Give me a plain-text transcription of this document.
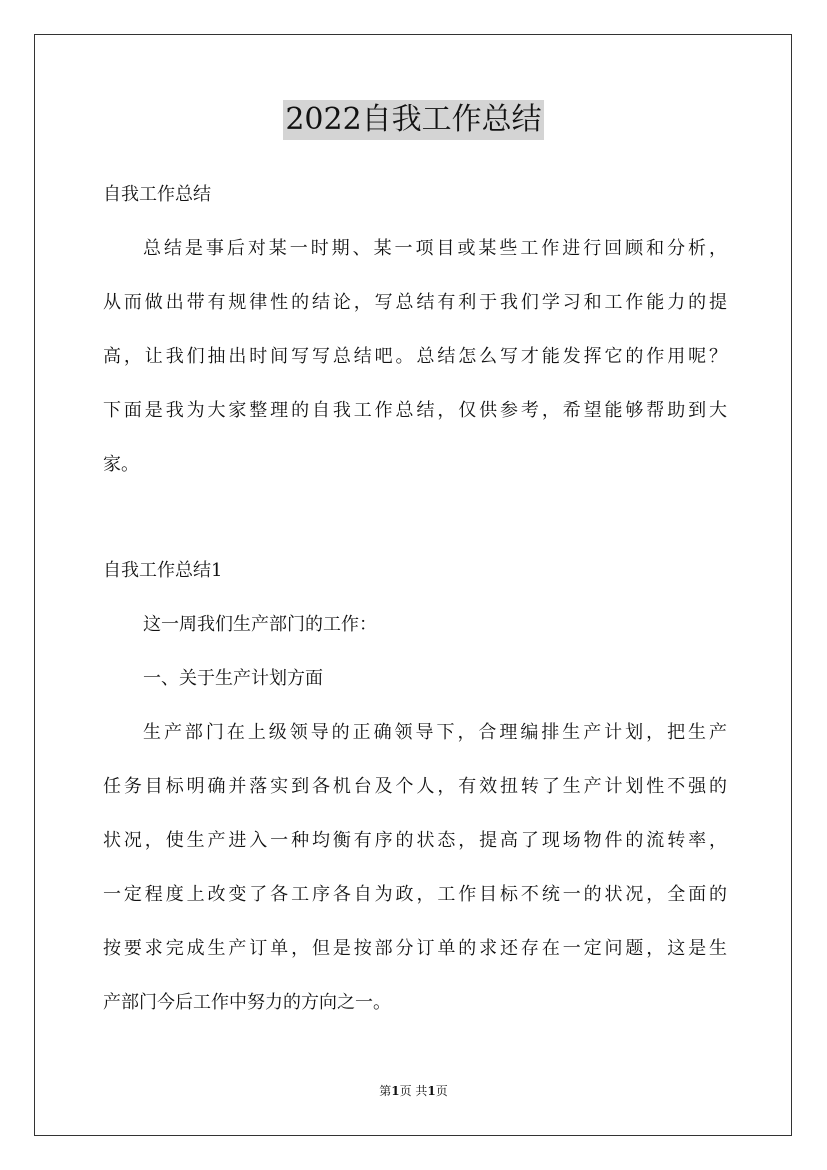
2022自我工作总结
自我工作总结
总结是事后对某一时期、某一项目或某些工作进行回顾和分析，
从而做出带有规律性的结论，写总结有利于我们学习和工作能力的提
高，让我们抽出时间写写总结吧。总结怎么写才能发挥它的作用呢？
下面是我为大家整理的自我工作总结，仅供参考，希望能够帮助到大
家。
自我工作总结1
这一周我们生产部门的工作：
一、关于生产计划方面
生产部门在上级领导的正确领导下，合理编排生产计划，把生产
任务目标明确并落实到各机台及个人，有效扭转了生产计划性不强的
状况，使生产进入一种均衡有序的状态，提高了现场物件的流转率，
一定程度上改变了各工序各自为政，工作目标不统一的状况，全面的
按要求完成生产订单，但是按部分订单的求还存在一定问题，这是生
产部门今后工作中努力的方向之一。
第1页 共1页
